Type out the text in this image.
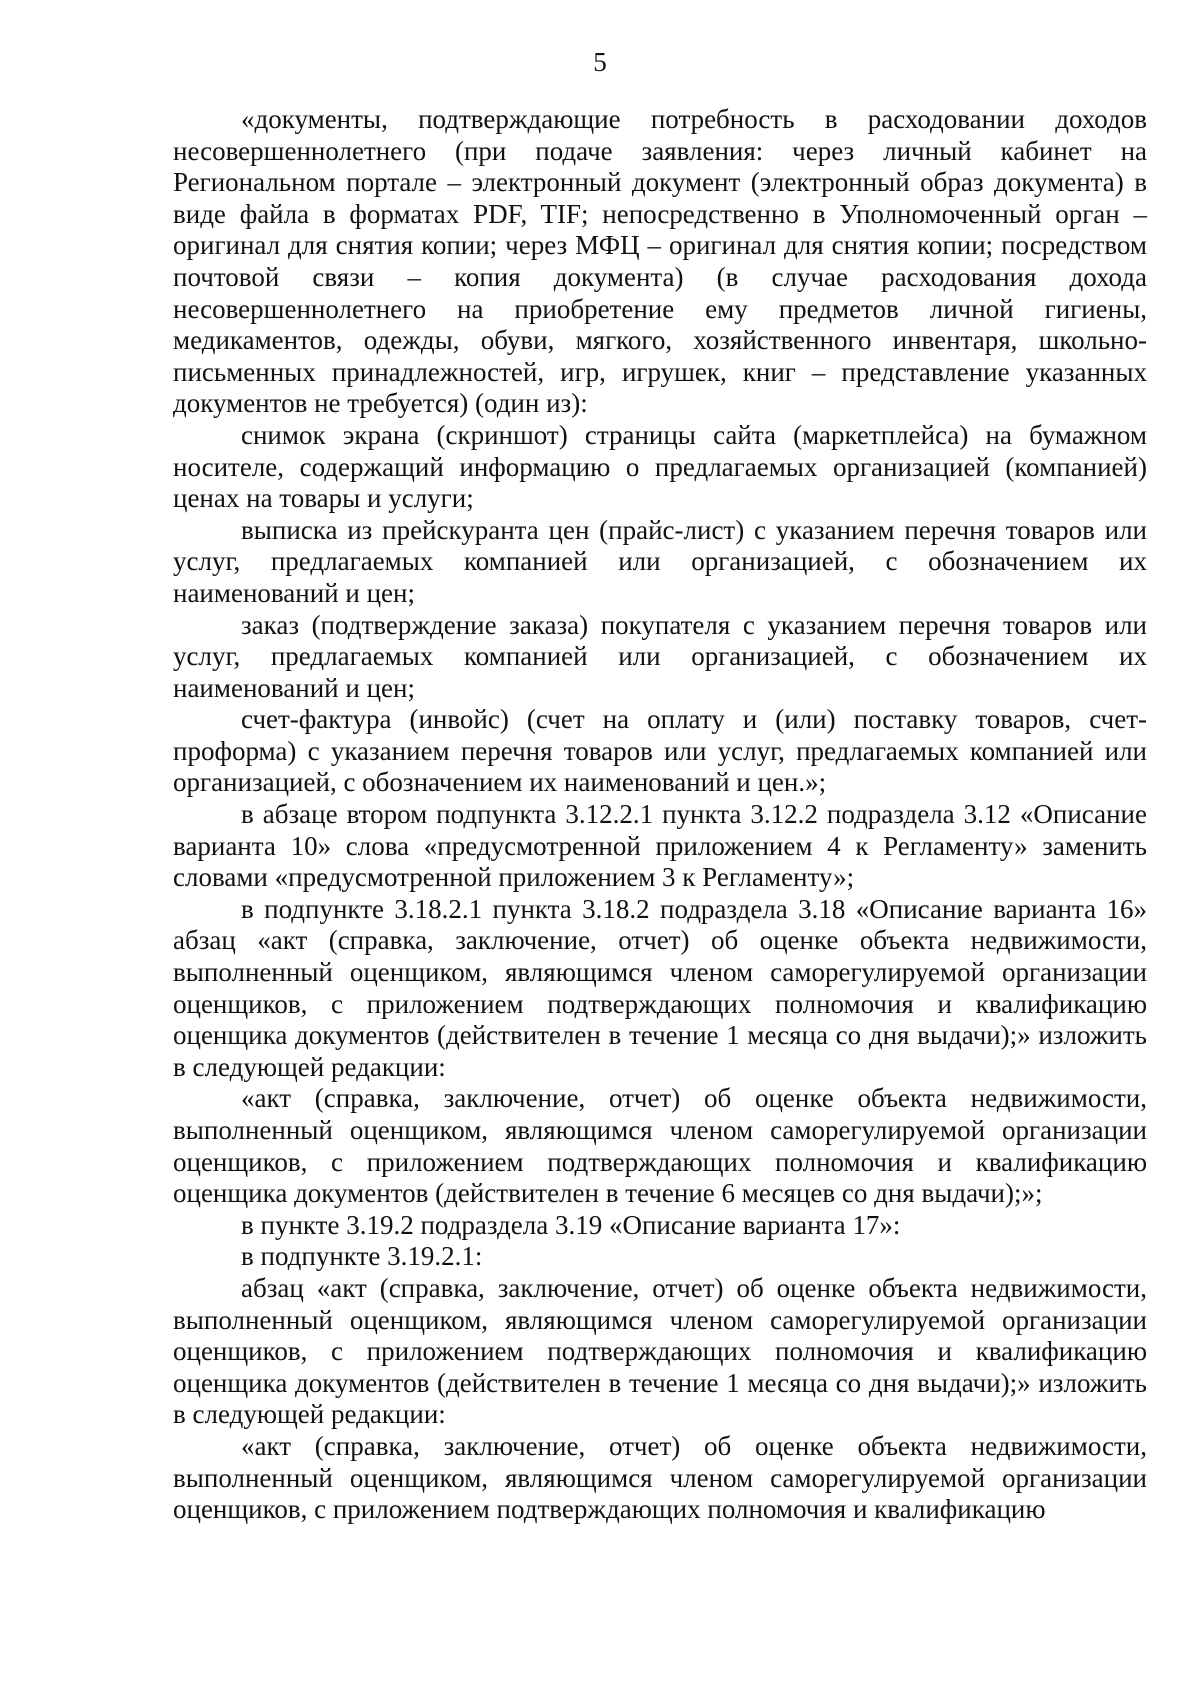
5

«документы, подтверждающие потребность в расходовании доходов несовершеннолетнего (при подаче заявления: через личный кабинет на Региональном портале – электронный документ (электронный образ документа) в виде файла в форматах PDF, TIF; непосредственно в Уполномоченный орган – оригинал для снятия копии; через МФЦ – оригинал для снятия копии; посредством почтовой связи – копия документа) (в случае расходования дохода несовершеннолетнего на приобретение ему предметов личной гигиены, медикаментов, одежды, обуви, мягкого, хозяйственного инвентаря, школьно-письменных принадлежностей, игр, игрушек, книг – представление указанных документов не требуется) (один из):

снимок экрана (скриншот) страницы сайта (маркетплейса) на бумажном носителе, содержащий информацию о предлагаемых организацией (компанией) ценах на товары и услуги;

выписка из прейскуранта цен (прайс-лист) с указанием перечня товаров или услуг, предлагаемых компанией или организацией, с обозначением их наименований и цен;

заказ (подтверждение заказа) покупателя с указанием перечня товаров или услуг, предлагаемых компанией или организацией, с обозначением их наименований и цен;

счет-фактура (инвойс) (счет на оплату и (или) поставку товаров, счет-проформа) с указанием перечня товаров или услуг, предлагаемых компанией или организацией, с обозначением их наименований и цен.»;

в абзаце втором подпункта 3.12.2.1 пункта 3.12.2 подраздела 3.12 «Описание варианта 10» слова «предусмотренной приложением 4 к Регламенту» заменить словами «предусмотренной приложением 3 к Регламенту»;

в подпункте 3.18.2.1 пункта 3.18.2 подраздела 3.18 «Описание варианта 16» абзац «акт (справка, заключение, отчет) об оценке объекта недвижимости, выполненный оценщиком, являющимся членом саморегулируемой организации оценщиков, с приложением подтверждающих полномочия и квалификацию оценщика документов (действителен в течение 1 месяца со дня выдачи);» изложить в следующей редакции:

«акт (справка, заключение, отчет) об оценке объекта недвижимости, выполненный оценщиком, являющимся членом саморегулируемой организации оценщиков, с приложением подтверждающих полномочия и квалификацию оценщика документов (действителен в течение 6 месяцев со дня выдачи);»;

в пункте 3.19.2 подраздела 3.19 «Описание варианта 17»:

в подпункте 3.19.2.1:

абзац «акт (справка, заключение, отчет) об оценке объекта недвижимости, выполненный оценщиком, являющимся членом саморегулируемой организации оценщиков, с приложением подтверждающих полномочия и квалификацию оценщика документов (действителен в течение 1 месяца со дня выдачи);» изложить в следующей редакции:

«акт (справка, заключение, отчет) об оценке объекта недвижимости, выполненный оценщиком, являющимся членом саморегулируемой организации оценщиков, с приложением подтверждающих полномочия и квалификацию
